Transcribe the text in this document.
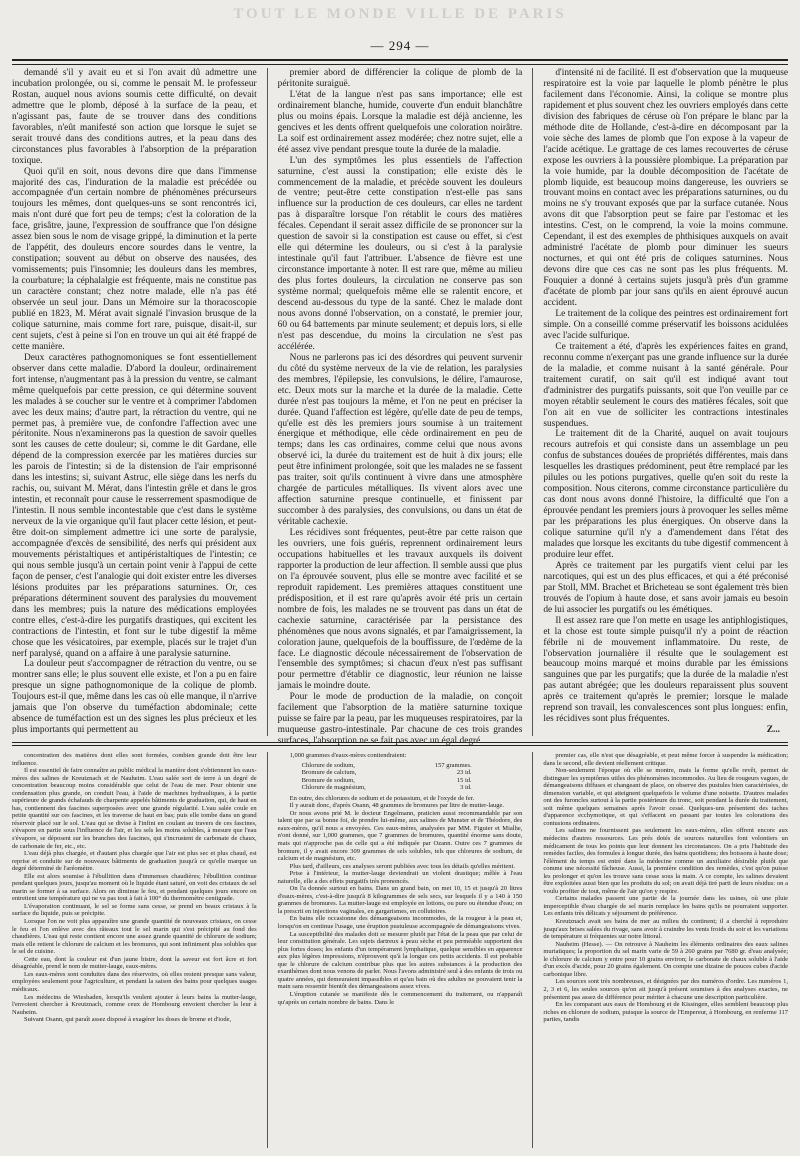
TOUT LE MONDE VILLE DE PARIS
— 294 —

demandé s'il y avait eu et si l'on avait dû admettre une incubation prolongée, ou si, comme le pensait M. le professeur Rostan, auquel nous avions soumis cette difficulté, on devait admettre que le plomb, déposé à la surface de la peau, et n'agissant pas, faute de se trouver dans des conditions favorables, n'eût manifesté son action que lorsque le sujet se serait trouvé dans des conditions autres, et la peau dans des circonstances plus favorables à l'absorption de la préparation toxique.

Quoi qu'il en soit, nous devons dire que dans l'immense majorité des cas, l'induration de la maladie est précédée ou accompagnée d'un certain nombre de phénomènes précurseurs toujours les mêmes, dont quelques-uns se sont rencontrés ici, mais n'ont duré que fort peu de temps; c'est la coloration de la face, grisâtre, jaune, l'expression de souffrance que l'on désigne assez bien sous le nom de visage grippé, la diminution et la perte de l'appétit, des douleurs encore sourdes dans le ventre, la constipation; souvent au début on observe des nausées, des vomissements; puis l'insomnie; les douleurs dans les membres, la courbature; la céphalalgie est fréquente, mais ne constitue pas un caractère constant; chez notre malade, elle n'a pas été observée un seul jour. Dans un Mémoire sur la thoracoscopie publié en 1823, M. Mérat avait signalé l'invasion brusque de la colique saturnine, mais comme fort rare, puisque, disait-il, sur cent sujets, c'est à peine si l'on en trouve un qui ait été frappé de cette manière.

Deux caractères pathognomoniques se font essentiellement observer dans cette maladie. D'abord la douleur, ordinairement fort intense, n'augmentant pas à la pression du ventre, se calmant même quelquefois par cette pression, ce qui détermine souvent les malades à se coucher sur le ventre et à comprimer l'abdomen avec les deux mains; d'autre part, la rétraction du ventre, qui ne permet pas, à première vue, de confondre l'affection avec une péritonite. Nous n'examinerons pas la question de savoir quelles sont les causes de cette douleur; si, comme le dit Gardane, elle dépend de la compression exercée par les matières durcies sur les parois de l'intestin; si de la distension de l'air emprisonné dans les intestins; si, suivant Astruc, elle siège dans les nerfs du rachis, ou, suivant M. Mérat, dans l'intestin grêle et dans le gros intestin, et reconnaît pour cause le resserrement spasmodique de l'intestin. Il nous semble incontestable que c'est dans le système nerveux de la vie organique qu'il faut placer cette lésion, et peut-être doit-on simplement admettre ici une sorte de paralysie, accompagnée d'excès de sensibilité, des nerfs qui président aux mouvements péristaltiques et antipéristaltiques de l'intestin; ce qui nous semble jusqu'à un certain point venir à l'appui de cette façon de penser, c'est l'analogie qui doit exister entre les diverses lésions produites par les préparations saturnines. Or, ces préparations déterminent souvent des paralysies du mouvement dans les membres; puis la nature des médications employées contre elles, c'est-à-dire les purgatifs drastiques, qui excitent les contractions de l'intestin, et font sur le tube digestif la même chose que les vésicatoires, par exemple, placés sur le trajet d'un nerf paralysé, quand on a affaire à une paralysie saturnine.

La douleur peut s'accompagner de rétraction du ventre, ou se montrer sans elle; le plus souvent elle existe, et l'on a pu en faire presque un signe pathognomonique de la colique de plomb. Toujours est-il que, même dans les cas où elle manque, il n'arrive jamais que l'on observe du tuméfaction abdominale; cette absence de tuméfaction est un des signes les plus précieux et les plus importants qui permettent au

premier abord de différencier la colique de plomb de la péritonite suraiguë.

L'état de la langue n'est pas sans importance; elle est ordinairement blanche, humide, couverte d'un enduit blanchâtre plus ou moins épais. Lorsque la maladie est déjà ancienne, les gencives et les dents offrent quelquefois une coloration noirâtre. La soif est ordinairement assez modérée; chez notre sujet, elle a été assez vive pendant presque toute la durée de la maladie.

L'un des symptômes les plus essentiels de l'affection saturnine, c'est aussi la constipation; elle existe dès le commencement de la maladie, et précède souvent les douleurs de ventre; peut-être cette constipation n'est-elle pas sans influence sur la production de ces douleurs, car elles ne tardent pas à disparaître lorsque l'on rétablit le cours des matières fécales. Cependant il serait assez difficile de se prononcer sur la question de savoir si la constipation est cause ou effet, si c'est elle qui détermine les douleurs, ou si c'est à la paralysie intestinale qu'il faut l'attribuer. L'absence de fièvre est une circonstance importante à noter. Il est rare que, même au milieu des plus fortes douleurs, la circulation ne conserve pas son système normal; quelquefois même elle se ralentit encore, et descend au-dessous du type de la santé. Chez le malade dont nous avons donné l'observation, on a constaté, le premier jour, 60 ou 64 battements par minute seulement; et depuis lors, si elle n'est pas descendue, du moins la circulation ne s'est pas accélérée.

Nous ne parlerons pas ici des désordres qui peuvent survenir du côté du système nerveux de la vie de relation, les paralysies des membres, l'épilepsie, les convulsions, le délire, l'amaurose, etc. Deux mots sur la marche et la durée de la maladie. Cette durée n'est pas toujours la même, et l'on ne peut en préciser la durée. Quand l'affection est légère, qu'elle date de peu de temps, qu'elle est dès les premiers jours soumise à un traitement énergique et méthodique, elle cède ordinairement en peu de temps; dans les cas ordinaires, comme celui que nous avons observé ici, la durée du traitement est de huit à dix jours; elle peut être infiniment prolongée, soit que les malades ne se fassent pas traiter, soit qu'ils continuent à vivre dans une atmosphère chargée de particules métalliques. Ils vivent alors avec une affection saturnine presque continuelle, et finissent par succomber à des paralysies, des convulsions, ou dans un état de véritable cachexie.

Les récidives sont fréquentes, peut-être par cette raison que les ouvriers, une fois guéris, reprennent ordinairement leurs occupations habituelles et les travaux auxquels ils doivent rapporter la production de leur affection. Il semble aussi que plus on l'a éprouvée souvent, plus elle se montre avec facilité et se reproduit rapidement. Les premières attaques constituent une prédisposition, et il est rare qu'après avoir été pris un certain nombre de fois, les malades ne se trouvent pas dans un état de cachexie saturnine, caractérisée par la persistance des phénomènes que nous avons signalés, et par l'amaigrissement, la coloration jaune, quelquefois de la bouffissure, de l'œdème de la face. Le diagnostic découle nécessairement de l'observation de l'ensemble des symptômes; si chacun d'eux n'est pas suffisant pour permettre d'établir ce diagnostic, leur réunion ne laisse jamais le moindre doute.

Pour le mode de production de la maladie, on conçoit facilement que l'absorption de la matière saturnine toxique puisse se faire par la peau, par les muqueuses respiratoires, par la muqueuse gastro-intestinale. Par chacune de ces trois grandes surfaces, l'absorption ne se fait pas avec un égal degré

d'intensité ni de facilité. Il est d'observation que la muqueuse respiratoire est la voie par laquelle le plomb pénètre le plus facilement dans l'économie. Ainsi, la colique se montre plus rapidement et plus souvent chez les ouvriers employés dans cette division des fabriques de céruse où l'on prépare le blanc par la méthode dite de Hollande, c'est-à-dire en décomposant par la voie sèche des lames de plomb que l'on expose à la vapeur de l'acide acétique. Le grattage de ces lames recouvertes de céruse expose les ouvriers à la poussière plombique. La préparation par la voie humide, par la double décomposition de l'acétate de plomb liquide, est beaucoup moins dangereuse, les ouvriers se trouvant moins en contact avec les préparations saturnines, ou du moins ne s'y trouvant exposés que par la surface cutanée. Nous avons dit que l'absorption peut se faire par l'estomac et les intestins. C'est, on le comprend, la voie la moins commune. Cependant, il est des exemples de phthisiques auxquels on avait administré l'acétate de plomb pour diminuer les sueurs nocturnes, et qui ont été pris de coliques saturnines. Nous devons dire que ces cas ne sont pas les plus fréquents. M. Fouquier a donné à certains sujets jusqu'à près d'un gramme d'acétate de plomb par jour sans qu'ils en aient éprouvé aucun accident.

Le traitement de la colique des peintres est ordinairement fort simple. On a conseillé comme préservatif les boissons acidulées avec l'acide sulfurique.

Ce traitement a été, d'après les expériences faites en grand, reconnu comme n'exerçant pas une grande influence sur la durée de la maladie, et comme nuisant à la santé générale. Pour traitement curatif, on sait qu'il est indiqué avant tout d'administrer des purgatifs puissants, soit que l'on veuille par ce moyen rétablir seulement le cours des matières fécales, soit que l'on ait en vue de solliciter les contractions intestinales suspendues.

Le traitement dit de la Charité, auquel on avait toujours recours autrefois et qui consiste dans un assemblage un peu confus de substances douées de propriétés différentes, mais dans lesquelles les drastiques prédominent, peut être remplacé par les pilules ou les potions purgatives, quelle qu'en soit du reste la composition. Nous citerons, comme circonstance particulière du cas dont nous avons donné l'histoire, la difficulté que l'on a éprouvée pendant les premiers jours à provoquer les selles même par les préparations les plus énergiques. On observe dans la colique saturnine qu'il n'y a d'amendement dans l'état des malades que lorsque les excitants du tube digestif commencent à produire leur effet.

Après ce traitement par les purgatifs vient celui par les narcotiques, qui est un des plus efficaces, et qui a été préconisé par Stoll, MM. Brachet et Bricheteau se sont également très bien trouvés de l'opium à haute dose, et sans avoir jamais eu besoin de lui associer les purgatifs ou les émétiques.

Il est assez rare que l'on mette en usage les antiphlogistiques, et la chose est toute simple puisqu'il n'y a point de réaction fébrile ni de mouvement inflammatoire. Du reste, de l'observation journalière il résulte que le soulagement est beaucoup moins marqué et moins durable par les émissions sanguines que par les purgatifs; que la durée de la maladie n'est pas autant abrégée; que les douleurs reparaissent plus souvent après ce traitement qu'après le premier; lorsque le malade reprend son travail, les convalescences sont plus longues: enfin, les récidives sont plus fréquentes.

Z...

concentration des matières dont elles sont formées, combien grande doit être leur influence.

Il est essentiel de faire connaître au public médical la manière dont s'obtiennent les eaux-mères des salines de Kreutznach et de Nauheim. L'eau salée sort de terre à un degré de concentration beaucoup moins considérable que celui de l'eau de mer. Pour obtenir une condensation plus grande, on conduit l'eau, à l'aide de machines hydrauliques, à la partie supérieure de grands échafauds de charpente appelés bâtiments de graduation, qui, de haut en bas, contiennent des fascines superposées avec une grande régularité. L'eau salée coule en petite quantité sur ces fascines, et les traverse de haut en bas; puis elle tombe dans un grand réservoir placé sur le sol. L'eau qui se divise à l'infini en coulant au travers de ces fascines, s'évapore en partie sous l'influence de l'air, et les sels les moins solubles, à mesure que l'eau s'évapore, se déposent sur les branches des fascines, qui s'incrustent de carbonate de chaux, de carbonate de fer, etc., etc.

L'eau déjà plus chargée, et d'autant plus chargée que l'air est plus sec et plus chaud, est reprise et conduite sur de nouveaux bâtiments de graduation jusqu'à ce qu'elle marque un degré déterminé de l'aréomètre.

Elle est alors soumise à l'ébullition dans d'immenses chaudières; l'ébullition continue pendant quelques jours, jusqu'au moment où le liquide étant saturé, on voit des cristaux de sel marin se former à sa surface. Alors on diminue le feu, et pendant quelques jours encore on entretient une température qui ne va pas tout à fait à 100° du thermomètre centigrade.

L'évaporation continuant, le sel se forme sans cesse, se prend en beaux cristaux à la surface du liquide, puis se précipite.

Lorsque l'on ne voit plus apparaître une grande quantité de nouveaux cristaux, on cesse le feu et l'on enlève avec des râteaux tout le sel marin qui s'est précipité au fond des chaudières. L'eau qui reste contient encore une assez grande quantité de chlorure de sodium; mais elle retient le chlorure de calcium et les bromures, qui sont infiniment plus solubles que le sel de cuisine.

Cette eau, dont la couleur est d'un jaune bistre, dont la saveur est fort âcre et fort désagréable, prend le nom de mutter-lauge, eaux-mères.

Les eaux-mères sont conduites dans des réservoirs, où elles restent presque sans valeur, employées seulement pour l'agriculture, et pendant la saison des bains pour quelques usages médicaux.

Les médecins de Wiesbaden, lorsqu'ils veulent ajouter à leurs bains la mutter-lauge, l'envoient chercher à Kreutznach, comme ceux de Hombourg envoient chercher la leur à Nauheim.

Suivant Osann, qui paraît assez disposé à exagérer les doses de brome et d'iode,

1,000 grammes d'eaux-mères contiendraient:

Chlorure de sodium,	157 grammes.
Bromure de calcium,	23 id.
Bromure de sodium,	15 id.
Chlorure de magnésium,	3 id.

En outre, des chlorures de sodium et de potassium, et de l'oxyde de fer.

Il y aurait donc, d'après Osann, 48 grammes de bromures par litre de mutter-lauge.

Or nous avons prié M. le docteur Engelmann, praticien aussi recommandable par son talent que par sa bonne foi, de prendre lui-même, aux salines de Munster et de Théodore, des eaux-mères, qu'il nous a envoyées. Ces eaux-mères, analysées par MM. Figuier et Mialhe, n'ont donné, sur 1,000 grammes, que 7 grammes de bromures, quantité énorme sans doute, mais qui n'approche pas de celle qui a été indiquée par Ozann. Outre ces 7 grammes de bromure, il y avait encore 309 grammes de sels solubles, tels que chlorures de sodium, de calcium et de magnésium, etc.

Plus tard, d'ailleurs, ces analyses seront publiées avec tous les détails qu'elles méritent.

Prise à l'intérieur, la mutter-lauge deviendrait un violent drastique; mêlée à l'eau naturelle, elle a des effets purgatifs très prononcés.

On l'a donnée surtout en bains. Dans un grand bain, on met 10, 15 et jusqu'à 20 litres d'eaux-mères, c'est-à-dire jusqu'à 8 kilogrammes de sels secs, sur lesquels il y a 140 à 150 grammes de bromures. La mutter-lauge est employée en lotions, ou pure ou étendue d'eau; on la prescrit en injections vaginales, en gargarismes, en collutoires.

En bains elle occasionne des démangeaisons incommodes, de la rougeur à la peau et, lorsqu'on en continue l'usage, une éruption pustuleuse accompagnée de démangeaisons vives.

La susceptibilité des malades doit se mesurer plutôt par l'état de la peau que par celui de leur constitution générale. Les sujets dartreux à peau sèche et peu perméable supportent des plus fortes doses; les enfants d'un tempérament lymphatique, quelque sensibles en apparence aux plus légères impressions, n'éprouvent qu'à la longue ces petits accidents. Il est probable que le chlorure de calcium contribue plus que les autres substances à la production des exanthèmes dont nous venons de parler. Nous l'avons administré seul à des enfants de trois ou quatre années, qui demeuraient impassibles et qu'au bain où des adultes ne pouvaient tenir la main sans ressentir bientôt des démangeaisons assez vives.

L'éruption cutanée se manifeste dès le commencement du traitement, ou n'apparaît qu'après un certain nombre de bains. Dans le

premier cas, elle n'est que désagréable, et peut même forcer à suspendre la médication; dans le second, elle devient réellement critique.

Non-seulement l'époque où elle se montre, mais la forme qu'elle revêt, permet de distinguer les symptômes utiles des phénomènes incommodes. Au lieu de rougeurs vagues, de démangeaisons diffuses et changeant de place, on observe des pustules bien caractérisées, de dimension variable, et qui atteignent quelquefois le volume d'une noisette. D'autres malades ont des furoncles surtout à la partie postérieure du tronc, soit pendant la durée du traitement, soit même quelques semaines après l'avoir cessé. Quelques-uns présentent des taches d'apparence ecchymotique, et qui s'effacent en passant par toutes les colorations des contusions ordinaires.

Les salines ne fournissent pas seulement les eaux-mères, elles offrent encore aux médecins d'autres ressources. Les prés dotés de sources naturelles font volontiers un médicament de tous les points que leur donnent les circonstances. On a pris l'habitude des remèdes faciles, des formules à longue durée, des bains quotidiens; des boissons à haute dose; l'élément du temps est entré dans la médecine comme un auxiliaire désirable plutôt que comme une nécessité fâcheuse. Aussi, la première condition des remèdes, c'est qu'on puisse les prolonger et qu'on les trouve sans cesse sous la main. A ce compte, les salines devaient être exploitées aussi bien que les produits du sol; on avait déjà tiré parti de leurs résidus: on a voulu profiter de tout, même de l'air qu'on y respire.

Certains malades passent une partie de la journée dans les usines, où une pluie imperceptible d'eau chargée de sel marin remplace les bains qu'ils ne pourraient supporter. Les enfants très délicats y séjournent de préférence.

Kreutznach avait ses bains de mer au milieu du continent; il a cherché à reproduire jusqu'aux brises salées du rivage, sans avoir à craindre les vents froids du soir et les variations de température si fréquentes sur notre littoral.

Nauheim (Hesse). — On retrouve à Nauheim les éléments ordinaires des eaux salines muriatiques; la proportion du sel marin varie de 59 à 260 grains par 7680 gr. d'eau analysée; le chlorure de calcium y entre pour 10 grains environ; le carbonate de chaux soluble à l'aide d'un excès d'acide, pour 20 grains également. On compte une dizaine de pouces cubes d'acide carbonique libre.

Les sources sont très nombreuses, et désignées par des numéros d'ordre. Les numéros 1, 2, 3 et 6, les seules sources qu'on ait jusqu'à présent soumises à des analyses exactes, ne présentent pas assez de différence pour mériter à chacune une description particulière.

En les comparant aux eaux de Hombourg et de Kissingen, elles semblent beaucoup plus riches en chlorure de sodium, puisque la source de l'Empereur, à Hombourg, en renferme 117 parties, tandis
